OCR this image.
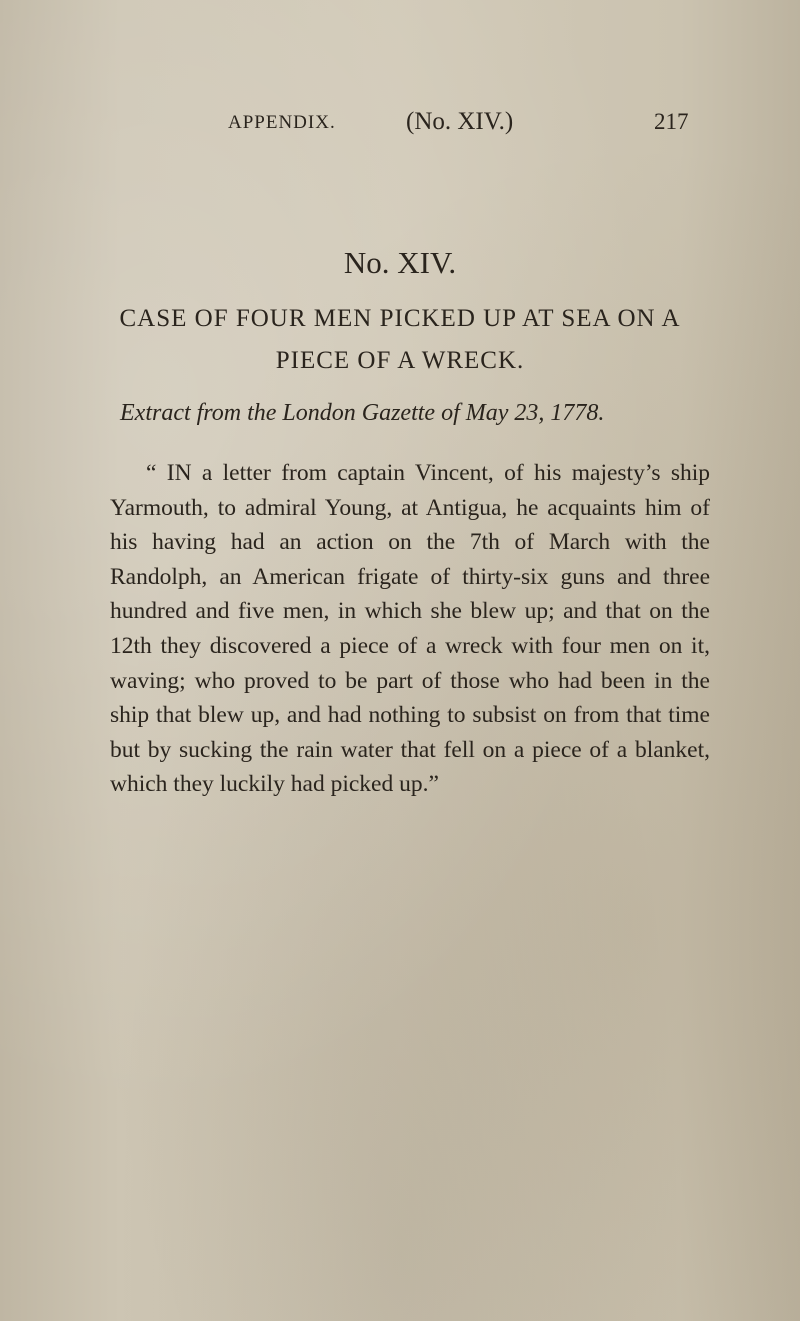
APPENDIX.	(No. XIV.)	217
No. XIV.
CASE OF FOUR MEN PICKED UP AT SEA ON A PIECE OF A WRECK.
Extract from the London Gazette of May 23, 1778.

“ IN a letter from captain Vincent, of his majesty’s ship Yarmouth, to admiral Young, at Antigua, he acquaints him of his having had an action on the 7th of March with the Randolph, an American frigate of thirty-six guns and three hundred and five men, in which she blew up; and that on the 12th they discovered a piece of a wreck with four men on it, waving; who proved to be part of those who had been in the ship that blew up, and had nothing to subsist on from that time but by sucking the rain water that fell on a piece of a blanket, which they luckily had picked up.”
